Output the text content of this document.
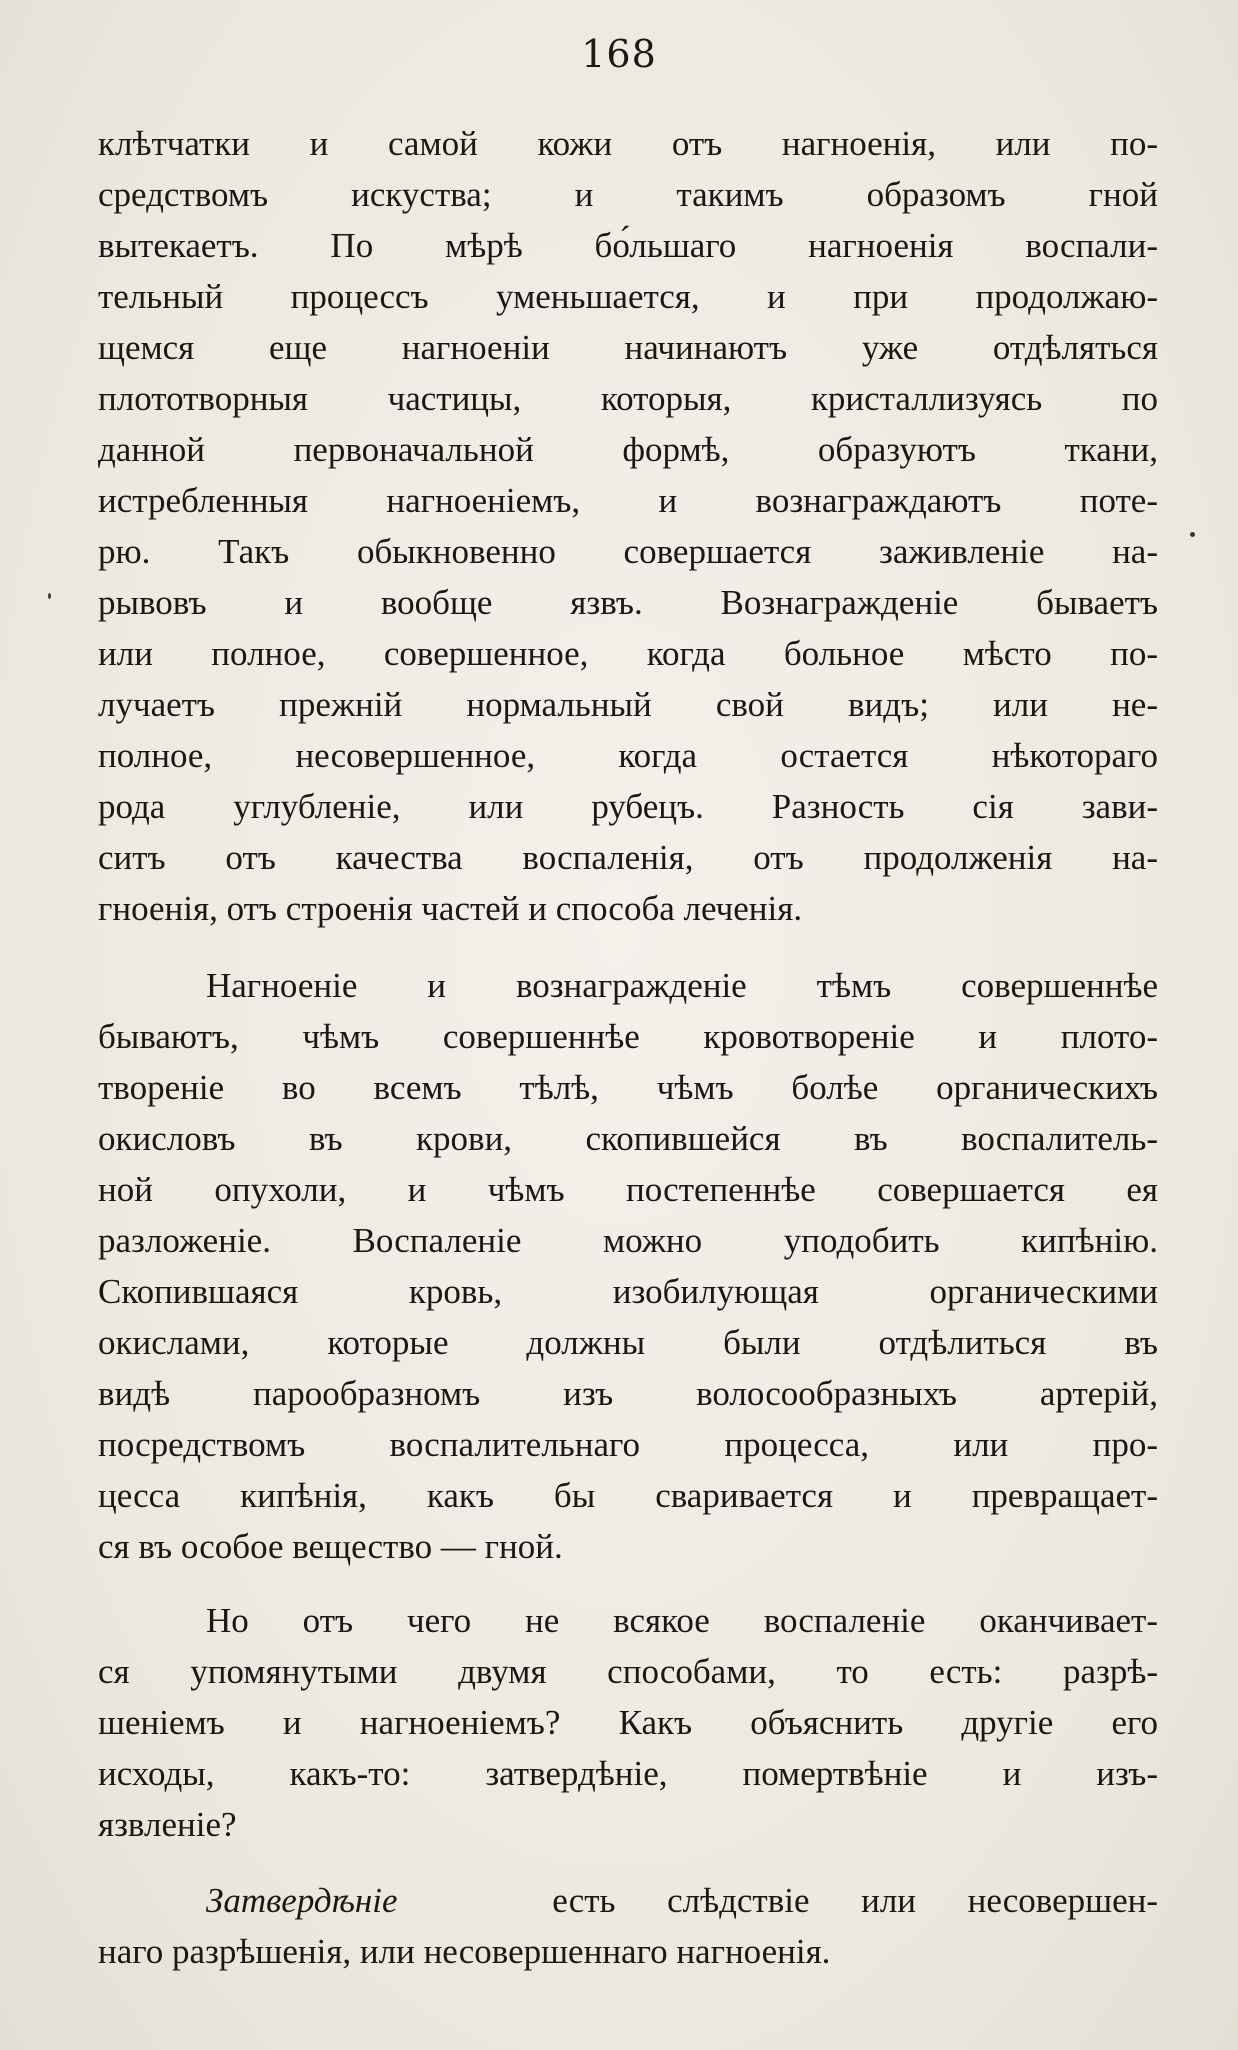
168
клѣтчатки и самой кожи отъ нагноенія, или по-
средствомъ искуства; и такимъ образомъ гной
вытекаетъ. По мѣрѣ бо́льшаго нагноенія воспали-
тельный процессъ уменьшается, и при продолжаю-
щемся еще нагноеніи начинаютъ уже отдѣляться
плототворныя частицы, которыя, кристаллизуясь по
данной первоначальной формѣ, образуютъ ткани,
истребленныя нагноеніемъ, и вознаграждаютъ поте-
рю. Такъ обыкновенно совершается заживленіе на-
рывовъ и вообще язвъ. Вознагражденіе бываетъ
или полное, совершенное, когда больное мѣсто по-
лучаетъ прежній нормальный свой видъ; или не-
полное, несовершенное, когда остается нѣкотораго
рода углубленіе, или рубецъ. Разность сія зави-
ситъ отъ качества воспаленія, отъ продолженія на-
гноенія, отъ строенія частей и способа леченія.
Нагноеніе и вознагражденіе тѣмъ совершеннѣе
бываютъ, чѣмъ совершеннѣе кровотвореніе и плото-
твореніе во всемъ тѣлѣ, чѣмъ болѣе органическихъ
окисловъ въ крови, скопившейся въ воспалитель-
ной опухоли, и чѣмъ постепеннѣе совершается ея
разложеніе. Воспаленіе можно уподобить кипѣнію.
Скопившаяся кровь, изобилующая органическими
окислами, которые должны были отдѣлиться въ
видѣ парообразномъ изъ волосообразныхъ артерій,
посредствомъ воспалительнаго процесса, или про-
цесса кипѣнія, какъ бы сваривается и превращает-
ся въ особое вещество — гной.
Но отъ чего не всякое воспаленіе оканчивает-
ся упомянутыми двумя способами, то есть: разрѣ-
шеніемъ и нагноеніемъ? Какъ объяснить другіе его
исходы, какъ-то: затвердѣніе, помертвѣніе и изъ-
язвленіе?
Затвердѣніе	есть слѣдствіе или несовершен-
наго разрѣшенія, или несовершеннаго нагноенія.
